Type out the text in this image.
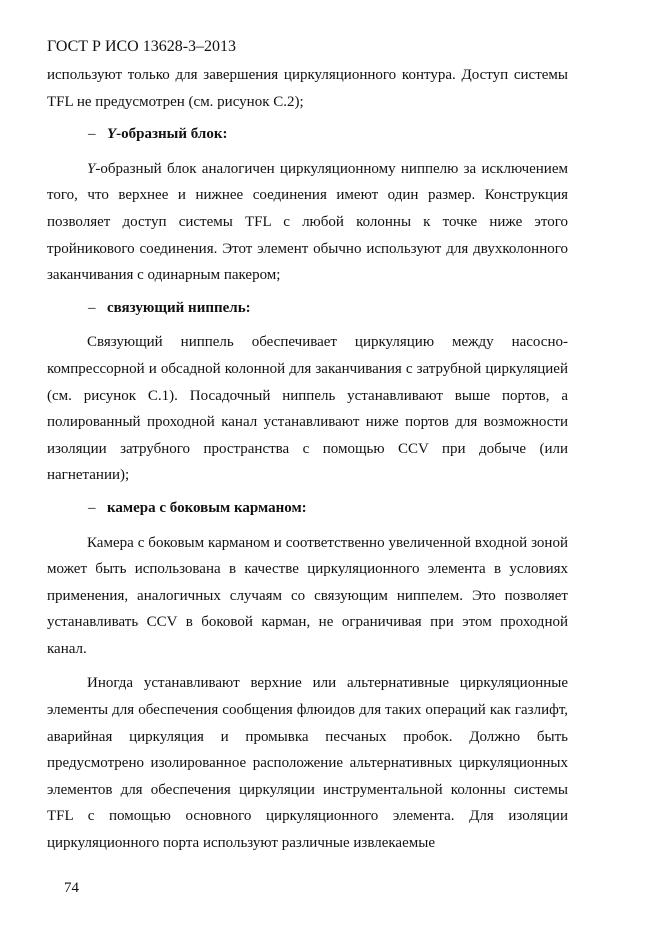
ГОСТ Р ИСО 13628-3–2013

используют только для завершения циркуляционного контура. Доступ системы TFL не предусмотрен (см. рисунок С.2);

– Y-образный блок:

Y-образный блок аналогичен циркуляционному ниппелю за исключением того, что верхнее и нижнее соединения имеют один размер. Конструкция позволяет доступ системы TFL с любой колонны к точке ниже этого тройникового соединения. Этот элемент обычно используют для двухколонного заканчивания с одинарным пакером;

– связующий ниппель:

Связующий ниппель обеспечивает циркуляцию между насосно-компрессорной и обсадной колонной для заканчивания с затрубной циркуляцией (см. рисунок С.1). Посадочный ниппель устанавливают выше портов, а полированный проходной канал устанавливают ниже портов для возможности изоляции затрубного пространства с помощью CCV при добыче (или нагнетании);

– камера с боковым карманом:

Камера с боковым карманом и соответственно увеличенной входной зоной может быть использована в качестве циркуляционного элемента в условиях применения, аналогичных случаям со связующим ниппелем. Это позволяет устанавливать CCV в боковой карман, не ограничивая при этом проходной канал.

Иногда устанавливают верхние или альтернативные циркуляционные элементы для обеспечения сообщения флюидов для таких операций как газлифт, аварийная циркуляция и промывка песчаных пробок. Должно быть предусмотрено изолированное расположение альтернативных циркуляционных элементов для обеспечения циркуляции инструментальной колонны системы TFL с помощью основного циркуляционного элемента. Для изоляции циркуляционного порта используют различные извлекаемые

74
